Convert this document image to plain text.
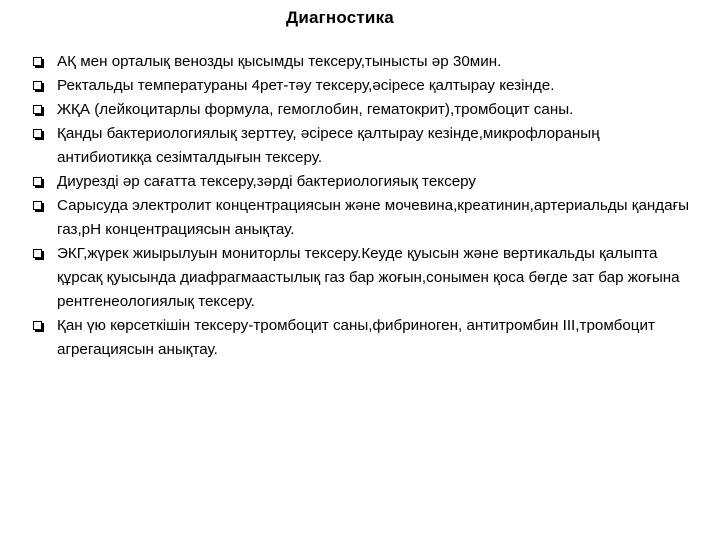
Диагностика
АҚ мен орталық венозды қысымды тексеру,тынысты әр 30мин.
Ректальды температураны 4рет-тәу тексеру,әсіресе қалтырау кезінде.
ЖҚА (лейкоцитарлы формула, гемоглобин, гематокрит),тромбоцит саны.
Қанды бактериологиялық зерттеу, әсіресе қалтырау кезінде,микрофлораның антибиотикқа сезімталдығын тексеру.
Диурезді әр сағатта тексеру,зәрді бактериологияық тексеру
Сарысуда электролит концентрациясын және мочевина,креатинин,артериальды қандағы газ,рН концентрациясын анықтау.
ЭКГ,жүрек жиырылуын мониторлы тексеру.Кеуде қуысын және вертикальды қалыпта құрсақ қуысында диафрагмаастылық газ бар жоғын,сонымен қоса бөгде зат бар жоғына рентгенеологиялық тексеру.
Қан үю көрсеткішін тексеру-тромбоцит саны,фибриноген, антитромбин III,тромбоцит агрегациясын анықтау.
